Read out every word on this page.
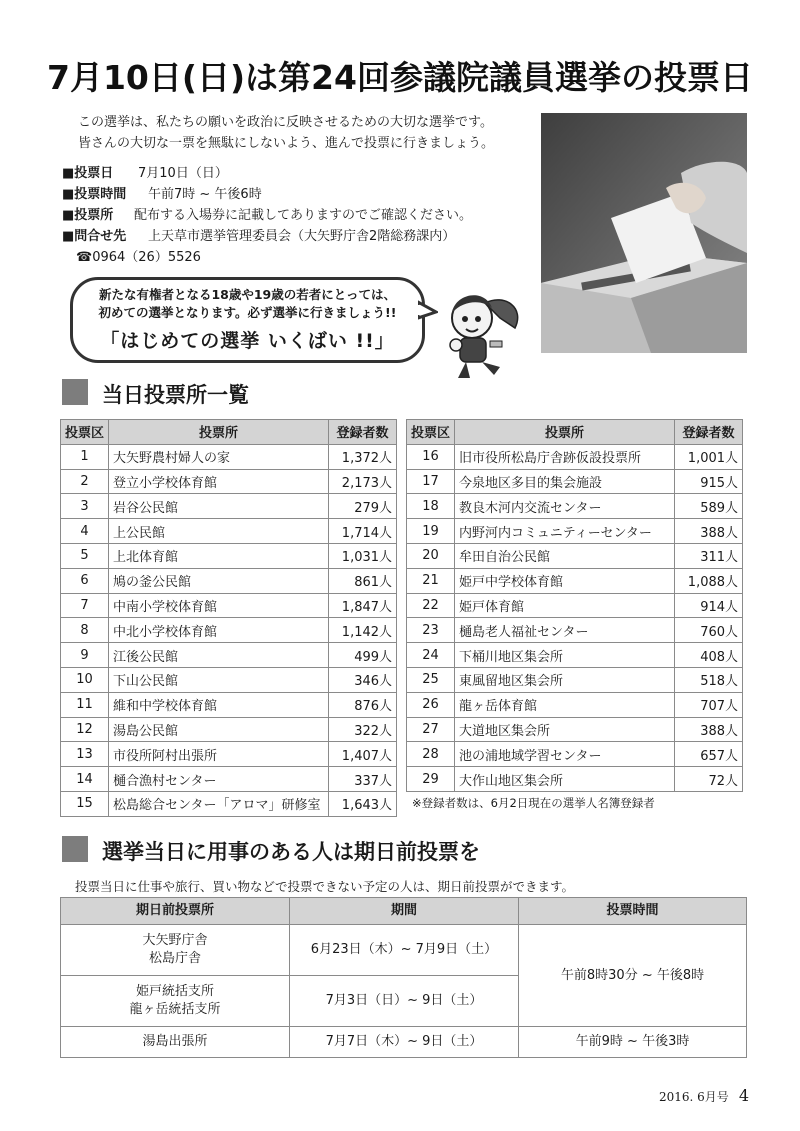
7月10日(日)は第24回参議院議員選挙の投票日
この選挙は、私たちの願いを政治に反映させるための大切な選挙です。
皆さんの大切な一票を無駄にしないよう、進んで投票に行きましょう。
■投票日 7月10日（日）
■投票時間 午前7時 ~ 午後6時
■投票所 配布する入場券に記載してありますのでご確認ください。
■問合せ先 上天草市選挙管理委員会（大矢野庁舎2階総務課内）
☎0964（26）5526
新たな有権者となる18歳や19歳の若者にとっては、
初めての選挙となります。必ず選挙に行きましょう!!
「はじめての選挙 いくばい !!」
当日投票所一覧
投票区	投票所	登録者数
1	大矢野農村婦人の家	1,372人
2	登立小学校体育館	2,173人
3	岩谷公民館	279人
4	上公民館	1,714人
5	上北体育館	1,031人
6	鳩の釜公民館	861人
7	中南小学校体育館	1,847人
8	中北小学校体育館	1,142人
9	江後公民館	499人
10	下山公民館	346人
11	維和中学校体育館	876人
12	湯島公民館	322人
13	市役所阿村出張所	1,407人
14	樋合漁村センター	337人
15	松島総合センター「アロマ」研修室	1,643人
投票区	投票所	登録者数
16	旧市役所松島庁舎跡仮設投票所	1,001人
17	今泉地区多目的集会施設	915人
18	教良木河内交流センター	589人
19	内野河内コミュニティーセンター	388人
20	牟田自治公民館	311人
21	姫戸中学校体育館	1,088人
22	姫戸体育館	914人
23	樋島老人福祉センター	760人
24	下桶川地区集会所	408人
25	東風留地区集会所	518人
26	龍ヶ岳体育館	707人
27	大道地区集会所	388人
28	池の浦地域学習センター	657人
29	大作山地区集会所	72人
※登録者数は、6月2日現在の選挙人名簿登録者
選挙当日に用事のある人は期日前投票を
投票当日に仕事や旅行、買い物などで投票できない予定の人は、期日前投票ができます。
期日前投票所	期間	投票時間

大矢野庁舎
松島庁舎	6月23日（木）~ 7月9日（土）	午前8時30分 ~ 午後8時

姫戸統括支所
龍ヶ岳統括支所	7月3日（日）~ 9日（土）	
湯島出張所	7月7日（木）~ 9日（土）	午前9時 ~ 午後3時
2016. 6月号 4
